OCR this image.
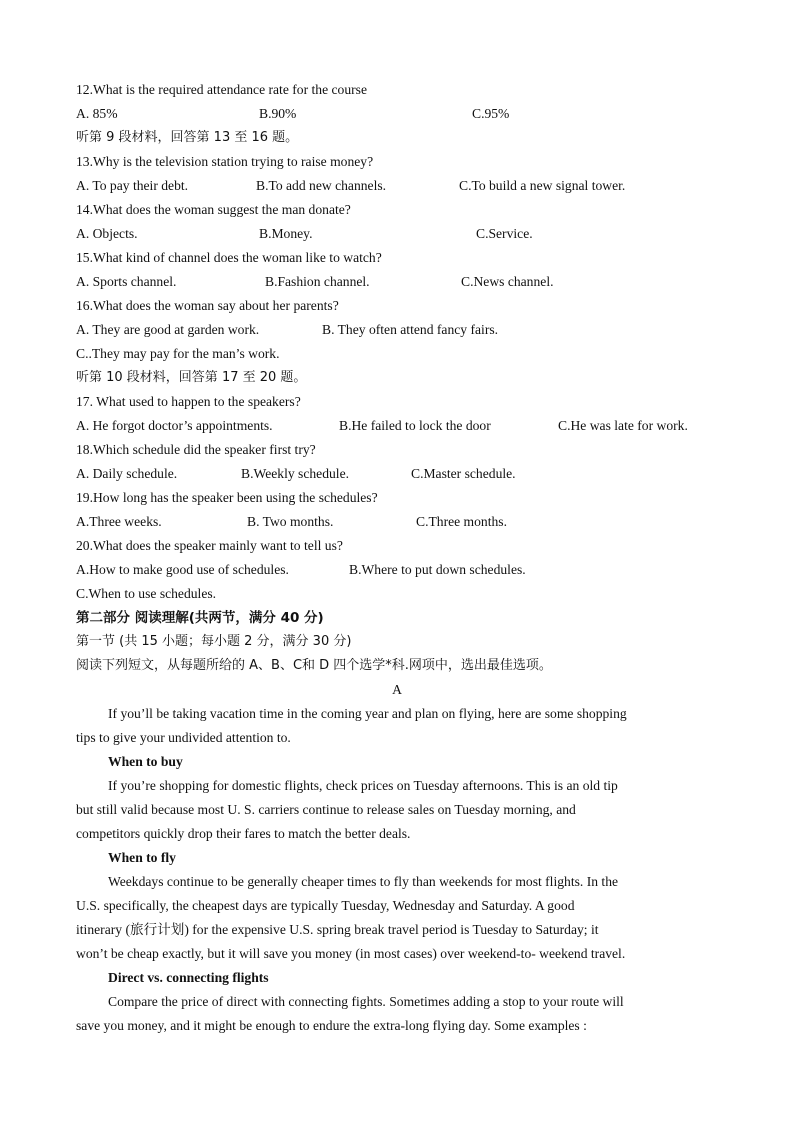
12.What is the required attendance rate for the course
A. 85%	B.90%	C.95%
听第 9 段材料，回答第 13 至 16 题。
13.Why is the television station trying to raise money?
A. To pay their debt.	B.To add new channels.	C.To build a new signal tower.
14.What does the woman suggest the man donate?
A. Objects.	B.Money.	C.Service.
15.What kind of channel does the woman like to watch?
A. Sports channel.	B.Fashion channel.	C.News channel.
16.What does the woman say about her parents?
A. They are good at garden work.	B. They often attend fancy fairs.
C..They may pay for the man’s work.
听第 10 段材料，回答第 17 至 20 题。
17. What used to happen to the speakers?
A. He forgot doctor’s appointments.	B.He failed to lock the door	C.He was late for work.
18.Which schedule did the speaker first try?
A. Daily schedule.	B.Weekly schedule.	C.Master schedule.
19.How long has the speaker been using the schedules?
A.Three weeks.	B. Two months.	C.Three months.
20.What does the speaker mainly want to tell us?
A.How to make good use of schedules.	B.Where to put down schedules.
C.When to use schedules.
第二部分 阅读理解(共两节，满分 40 分)
第一节 (共 15 小题；每小题 2 分，满分 30 分)
阅读下列短文，从每题所给的 A、B、C和 D 四个选学*科.网项中，选出最佳选项。
A
If you’ll be taking vacation time in the coming year and plan on flying, here are some shopping
tips to give your undivided attention to.
When to buy
If you’re shopping for domestic flights, check prices on Tuesday afternoons. This is an old tip
but still valid because most U. S. carriers continue to release sales on Tuesday morning, and
competitors quickly drop their fares to match the better deals.
When to fly
Weekdays continue to be generally cheaper times to fly than weekends for most flights. In the
U.S. specifically, the cheapest days are typically Tuesday, Wednesday and Saturday. A good
itinerary (旅行计划) for the expensive U.S. spring break travel period is Tuesday to Saturday; it
won’t be cheap exactly, but it will save you money (in most cases) over weekend-to- weekend travel.
Direct vs. connecting flights
Compare the price of direct with connecting fights. Sometimes adding a stop to your route will
save you money, and it might be enough to endure the extra-long flying day. Some examples :
